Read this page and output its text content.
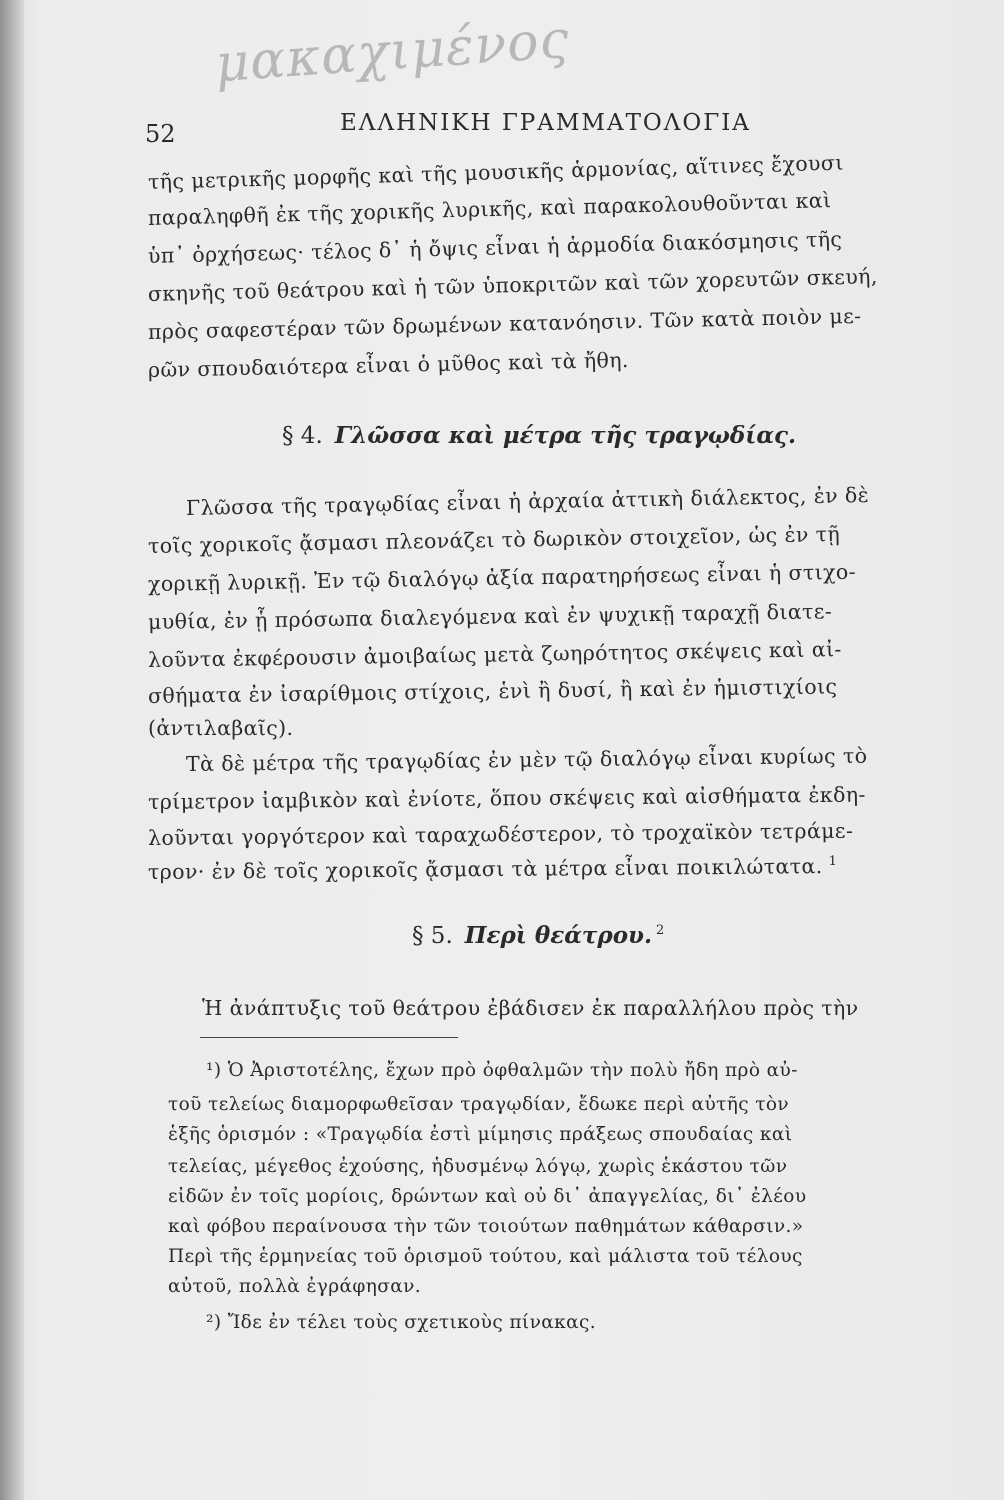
μακαχιμένος
52	ΕΛΛΗΝΙΚΗ ΓΡΑΜΜΑΤΟΛΟΓΙΑ
τῆς μετρικῆς μορφῆς καὶ τῆς μουσικῆς ἁρμονίας, αἵτινες ἔχουσι
παραληφθῆ ἐκ τῆς χορικῆς λυρικῆς, καὶ παρακολουθοῦνται καὶ
ὑπ᾽ ὀρχήσεως· τέλος δ᾽ ἡ ὄψις εἶναι ἡ ἁρμοδία διακόσμησις τῆς
σκηνῆς τοῦ θεάτρου καὶ ἡ τῶν ὑποκριτῶν καὶ τῶν χορευτῶν σκευή,
πρὸς σαφεστέραν τῶν δρωμένων κατανόησιν. Τῶν κατὰ ποιὸν με-
ρῶν σπουδαιότερα εἶναι ὁ μῦθος καὶ τὰ ἤθη.
§ 4. Γλῶσσα καὶ μέτρα τῆς τραγῳδίας.
Γλῶσσα τῆς τραγῳδίας εἶναι ἡ ἀρχαία ἀττικὴ διάλεκτος, ἐν δὲ
τοῖς χορικοῖς ᾄσμασι πλεονάζει τὸ δωρικὸν στοιχεῖον, ὡς ἐν τῇ
χορικῇ λυρικῇ. Ἐν τῷ διαλόγῳ ἀξία παρατηρήσεως εἶναι ἡ στιχο-
μυθία, ἐν ᾗ πρόσωπα διαλεγόμενα καὶ ἐν ψυχικῇ ταραχῇ διατε-
λοῦντα ἐκφέρουσιν ἀμοιβαίως μετὰ ζωηρότητος σκέψεις καὶ αἰ-
σθήματα ἐν ἰσαρίθμοις στίχοις, ἑνὶ ἢ δυσί, ἢ καὶ ἐν ἡμιστιχίοις
(ἀντιλαβαῖς).
Τὰ δὲ μέτρα τῆς τραγῳδίας ἐν μὲν τῷ διαλόγῳ εἶναι κυρίως τὸ
τρίμετρον ἰαμβικὸν καὶ ἐνίοτε, ὅπου σκέψεις καὶ αἰσθήματα ἐκδη-
λοῦνται γοργότερον καὶ ταραχωδέστερον, τὸ τροχαϊκὸν τετράμε-
τρον· ἐν δὲ τοῖς χορικοῖς ᾄσμασι τὰ μέτρα εἶναι ποικιλώτατα. $^1$
§ 5. Περὶ θεάτρου. $^2$
Ἡ ἀνάπτυξις τοῦ θεάτρου ἐβάδισεν ἐκ παραλλήλου πρὸς τὴν
¹) Ὁ Ἀριστοτέλης, ἔχων πρὸ ὀφθαλμῶν τὴν πολὺ ἤδη πρὸ αὐ-
τοῦ τελείως διαμορφωθεῖσαν τραγῳδίαν, ἔδωκε περὶ αὐτῆς τὸν
ἑξῆς ὁρισμόν : «Τραγῳδία ἐστὶ μίμησις πράξεως σπουδαίας καὶ
τελείας, μέγεθος ἐχούσης, ἡδυσμένῳ λόγῳ, χωρὶς ἑκάστου τῶν
εἰδῶν ἐν τοῖς μορίοις, δρώντων καὶ οὐ δι᾽ ἀπαγγελίας, δι᾽ ἐλέου
καὶ φόβου περαίνουσα τὴν τῶν τοιούτων παθημάτων κάθαρσιν.»
Περὶ τῆς ἑρμηνείας τοῦ ὁρισμοῦ τούτου, καὶ μάλιστα τοῦ τέλους
αὐτοῦ, πολλὰ ἐγράφησαν.
²) Ἴδε ἐν τέλει τοὺς σχετικοὺς πίνακας.
